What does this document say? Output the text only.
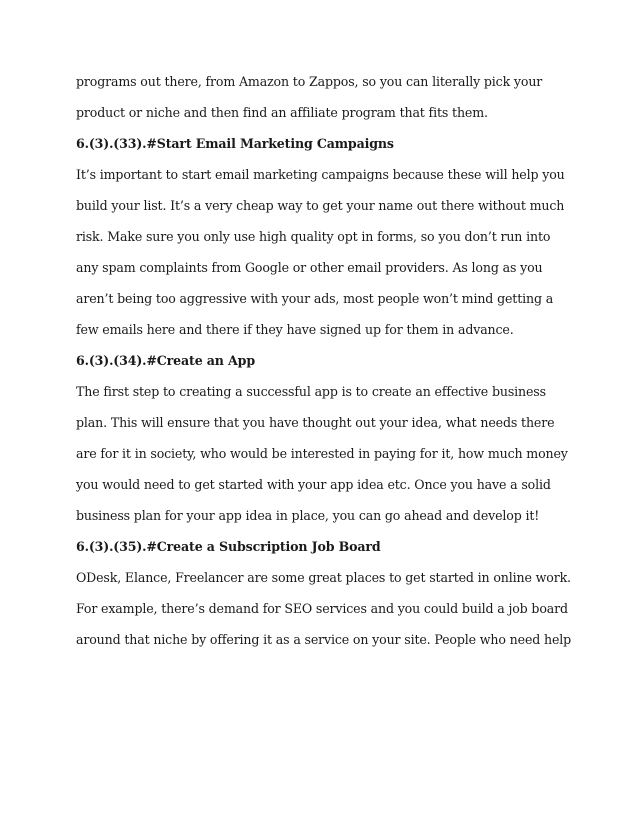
programs out there, from Amazon to Zappos, so you can literally pick your
product or niche and then find an affiliate program that fits them.
6.(3).(33).#Start Email Marketing Campaigns
It’s important to start email marketing campaigns because these will help you
build your list. It’s a very cheap way to get your name out there without much
risk. Make sure you only use high quality opt in forms, so you don’t run into
any spam complaints from Google or other email providers. As long as you
aren’t being too aggressive with your ads, most people won’t mind getting a
few emails here and there if they have signed up for them in advance.
6.(3).(34).#Create an App
The first step to creating a successful app is to create an effective business
plan. This will ensure that you have thought out your idea, what needs there
are for it in society, who would be interested in paying for it, how much money
you would need to get started with your app idea etc. Once you have a solid
business plan for your app idea in place, you can go ahead and develop it!
6.(3).(35).#Create a Subscription Job Board
ODesk, Elance, Freelancer are some great places to get started in online work.
For example, there’s demand for SEO services and you could build a job board
around that niche by offering it as a service on your site. People who need help
